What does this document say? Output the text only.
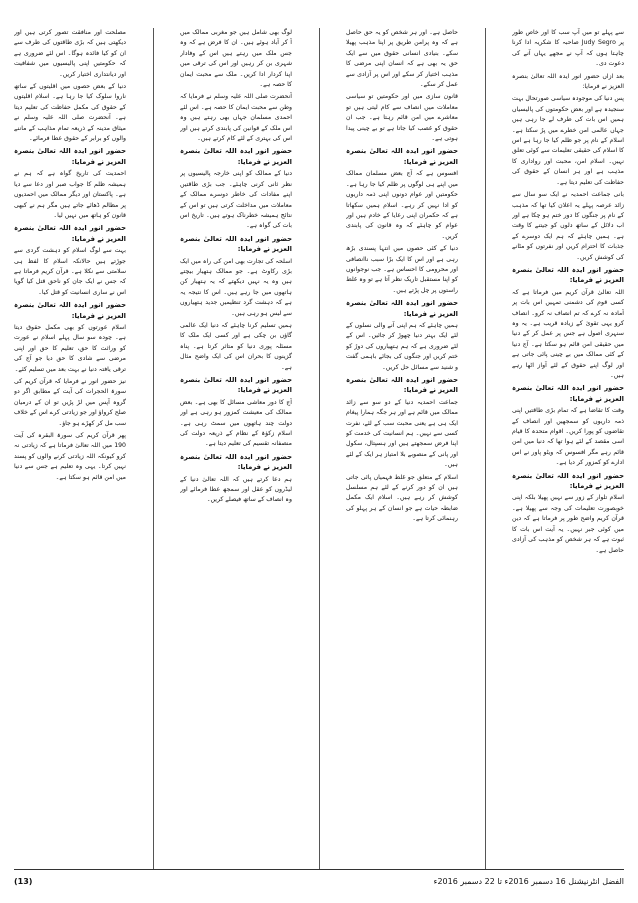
سے پہلے تو میں آپ سب کا اور خاص طور پر Judy Segro صاحبہ کا شکریہ ادا کرنا چاہتا ہوں کہ آپ نے مجھے یہاں آنے کی دعوت دی۔

بعد ازاں حضور انور ایدہ اللہ تعالیٰ بنصرہ العزیز نے فرمایا:

پس دنیا کی موجودہ سیاسی صورتحال بہت سنجیدہ ہے اور بعض حکومتوں کی پالیسیاں ہمیں اس بات کی طرف لے جا رہی ہیں جہاں عالمی امن خطرے میں پڑ سکتا ہے۔ اسلام کے نام پر جو ظلم کیا جا رہا ہے اس کا اسلام کی حقیقی تعلیمات سے کوئی تعلق نہیں۔ اسلام امن، محبت اور رواداری کا مذہب ہے اور ہر انسان کے حقوق کی حفاظت کی تعلیم دیتا ہے۔

بانی جماعت احمدیہ نے ایک سو سال سے زائد عرصہ پہلے یہ اعلان کیا تھا کہ مذہب کے نام پر جنگوں کا دور ختم ہو چکا ہے اور اب دلائل کے ساتھ دلوں کو جیتنے کا وقت ہے۔ ہمیں چاہئے کہ ہم ایک دوسرے کے جذبات کا احترام کریں اور نفرتوں کو مٹانے کی کوشش کریں۔

حضور انور ایدہ اللہ تعالیٰ بنصرہ العزیز نے فرمایا:

اللہ تعالیٰ قرآن کریم میں فرماتا ہے کہ کسی قوم کی دشمنی تمہیں اس بات پر آمادہ نہ کرے کہ تم انصاف نہ کرو۔ انصاف کرو یہی تقویٰ کے زیادہ قریب ہے۔ یہ وہ سنہری اصول ہے جس پر عمل کر کے دنیا میں حقیقی امن قائم ہو سکتا ہے۔ آج دنیا کے کئی ممالک میں بے چینی پائی جاتی ہے اور لوگ اپنے حقوق کے لئے آواز اٹھا رہے ہیں۔

حضور انور ایدہ اللہ تعالیٰ بنصرہ العزیز نے فرمایا:

وقت کا تقاضا ہے کہ تمام بڑی طاقتیں اپنی ذمہ داریوں کو سمجھیں اور انصاف کے تقاضوں کو پورا کریں۔ اقوام متحدہ کا قیام اسی مقصد کے لئے ہوا تھا کہ دنیا میں امن قائم رہے مگر افسوس کہ ویٹو پاور نے اس ادارے کو کمزور کر دیا ہے۔

حضور انور ایدہ اللہ تعالیٰ بنصرہ العزیز نے فرمایا:

اسلام تلوار کے زور سے نہیں پھیلا بلکہ اپنی خوبصورت تعلیمات کی وجہ سے پھیلا ہے۔ قرآن کریم واضح طور پر فرماتا ہے کہ دین میں کوئی جبر نہیں۔ یہ آیت اس بات کا ثبوت ہے کہ ہر شخص کو مذہب کی آزادی حاصل ہے۔

حاصل ہے۔ اور ہر شخص کو یہ حق حاصل ہے کہ وہ پرامن طریق پر اپنا مذہب پھیلا سکے۔ بنیادی انسانی حقوق میں سے ایک حق یہ بھی ہے کہ انسان اپنی مرضی کا مذہب اختیار کر سکے اور اس پر آزادی سے عمل کر سکے۔

قانون سازی میں اور حکومتیں تو سیاسی معاملات میں انصاف سے کام لیتی ہیں تو معاشرے میں امن قائم رہتا ہے۔ جب ان حقوق کو غصب کیا جاتا ہے تو بے چینی پیدا ہوتی ہے۔

حضور انور ایدہ اللہ تعالیٰ بنصرہ العزیز نے فرمایا:

افسوس ہے کہ آج بعض مسلمان ممالک میں اپنے ہی لوگوں پر ظلم کیا جا رہا ہے۔ حکومتیں اور عوام دونوں اپنی ذمہ داریوں کو ادا نہیں کر رہے۔ اسلام ہمیں سکھاتا ہے کہ حکمران اپنی رعایا کے خادم ہیں اور عوام کو چاہئے کہ وہ قانون کی پابندی کریں۔

دنیا کے کئی حصوں میں انتہا پسندی بڑھ رہی ہے اور اس کا ایک بڑا سبب ناانصافی اور محرومی کا احساس ہے۔ جب نوجوانوں کو اپنا مستقبل تاریک نظر آتا ہے تو وہ غلط راستوں پر چل پڑتے ہیں۔

حضور انور ایدہ اللہ تعالیٰ بنصرہ العزیز نے فرمایا:

ہمیں چاہئے کہ ہم اپنی آنے والی نسلوں کے لئے ایک بہتر دنیا چھوڑ کر جائیں۔ اس کے لئے ضروری ہے کہ ہم ہتھیاروں کی دوڑ کو ختم کریں اور جنگوں کی بجائے باہمی گفت و شنید سے مسائل حل کریں۔

حضور انور ایدہ اللہ تعالیٰ بنصرہ العزیز نے فرمایا:

جماعت احمدیہ دنیا کے دو سو سے زائد ممالک میں قائم ہے اور ہر جگہ ہمارا پیغام ایک ہی ہے یعنی محبت سب کے لئے، نفرت کسی سے نہیں۔ ہم انسانیت کی خدمت کو اپنا فرض سمجھتے ہیں اور ہسپتال، سکول اور پانی کے منصوبے بلا امتیاز ہر ایک کے لئے ہیں۔

اسلام کے متعلق جو غلط فہمیاں پائی جاتی ہیں ان کو دور کرنے کے لئے ہم مسلسل کوشش کر رہے ہیں۔ اسلام ایک مکمل ضابطہ حیات ہے جو انسان کے ہر پہلو کی رہنمائی کرتا ہے۔

لوگ بھی شامل ہیں جو مغربی ممالک میں آ کر آباد ہوئے ہیں۔ ان کا فرض ہے کہ وہ جس ملک میں رہتے ہیں اس کے وفادار شہری بن کر رہیں اور اس کی ترقی میں اپنا کردار ادا کریں۔ ملک سے محبت ایمان کا حصہ ہے۔

آنحضرت صلی اللہ علیہ وسلم نے فرمایا کہ وطن سے محبت ایمان کا حصہ ہے۔ اس لئے احمدی مسلمان جہاں بھی رہتے ہیں وہ اس ملک کے قوانین کی پابندی کرتے ہیں اور اس کی بہتری کے لئے کام کرتے ہیں۔

حضور انور ایدہ اللہ تعالیٰ بنصرہ العزیز نے فرمایا:

دنیا کے ممالک کو اپنی خارجہ پالیسیوں پر نظر ثانی کرنی چاہئے۔ جب بڑی طاقتیں اپنے مفادات کی خاطر دوسرے ممالک کے معاملات میں مداخلت کرتی ہیں تو اس کے نتائج ہمیشہ خطرناک ہوتے ہیں۔ تاریخ اس بات کی گواہ ہے۔

حضور انور ایدہ اللہ تعالیٰ بنصرہ العزیز نے فرمایا:

اسلحہ کی تجارت بھی امن کی راہ میں ایک بڑی رکاوٹ ہے۔ جو ممالک ہتھیار بیچتے ہیں وہ یہ نہیں دیکھتے کہ یہ ہتھیار کن ہاتھوں میں جا رہے ہیں۔ اس کا نتیجہ یہ ہے کہ دہشت گرد تنظیمیں جدید ہتھیاروں سے لیس ہو رہی ہیں۔

ہمیں تسلیم کرنا چاہئے کہ دنیا ایک عالمی گاؤں بن چکی ہے اور کسی ایک ملک کا مسئلہ پوری دنیا کو متاثر کرتا ہے۔ پناہ گزینوں کا بحران اس کی ایک واضح مثال ہے۔

حضور انور ایدہ اللہ تعالیٰ بنصرہ العزیز نے فرمایا:

آج کا دور معاشی مسائل کا بھی ہے۔ بعض ممالک کی معیشت کمزور ہو رہی ہے اور دولت چند ہاتھوں میں سمٹ رہی ہے۔ اسلام زکوٰۃ کے نظام کے ذریعہ دولت کی منصفانہ تقسیم کی تعلیم دیتا ہے۔

حضور انور ایدہ اللہ تعالیٰ بنصرہ العزیز نے فرمایا:

ہم دعا کرتے ہیں کہ اللہ تعالیٰ دنیا کے لیڈروں کو عقل اور سمجھ عطا فرمائے اور وہ انصاف کے ساتھ فیصلے کریں۔

مصلحت اور منافقت تصور کرتی ہیں اور دیکھتی ہیں کہ بڑی طاقتوں کی طرف سے ان کو کیا فائدہ ہوگا۔ اس لئے ضروری ہے کہ حکومتیں اپنی پالیسیوں میں شفافیت اور دیانتداری اختیار کریں۔

دنیا کے بعض حصوں میں اقلیتوں کے ساتھ ناروا سلوک کیا جا رہا ہے۔ اسلام اقلیتوں کے حقوق کی مکمل حفاظت کی تعلیم دیتا ہے۔ آنحضرت صلی اللہ علیہ وسلم نے میثاق مدینہ کے ذریعہ تمام مذاہب کے ماننے والوں کو برابر کے حقوق عطا فرمائے۔

حضور انور ایدہ اللہ تعالیٰ بنصرہ العزیز نے فرمایا:

احمدیت کی تاریخ گواہ ہے کہ ہم نے ہمیشہ ظلم کا جواب صبر اور دعا سے دیا ہے۔ پاکستان اور دیگر ممالک میں احمدیوں پر مظالم ڈھائے جاتے ہیں مگر ہم نے کبھی قانون کو ہاتھ میں نہیں لیا۔

حضور انور ایدہ اللہ تعالیٰ بنصرہ العزیز نے فرمایا:

بہت سے لوگ اسلام کو دہشت گردی سے جوڑتے ہیں حالانکہ اسلام کا لفظ ہی سلامتی سے نکلا ہے۔ قرآن کریم فرماتا ہے کہ جس نے ایک جان کو ناحق قتل کیا گویا اس نے ساری انسانیت کو قتل کیا۔

حضور انور ایدہ اللہ تعالیٰ بنصرہ العزیز نے فرمایا:

اسلام عورتوں کو بھی مکمل حقوق دیتا ہے۔ چودہ سو سال پہلے اسلام نے عورت کو وراثت کا حق، تعلیم کا حق اور اپنی مرضی سے شادی کا حق دیا جو آج کی ترقی یافتہ دنیا نے بہت بعد میں تسلیم کئے۔

نیز حضور انور نے فرمایا کہ قرآن کریم کی سورۃ الحجرات کی آیت کے مطابق اگر دو گروہ آپس میں لڑ پڑیں تو ان کے درمیان صلح کرواؤ اور جو زیادتی کرے اس کے خلاف سب مل کر کھڑے ہو جاؤ۔

پھر قرآن کریم کی سورۃ البقرہ کی آیت 190 میں اللہ تعالیٰ فرماتا ہے کہ زیادتی نہ کرو کیونکہ اللہ زیادتی کرنے والوں کو پسند نہیں کرتا۔ یہی وہ تعلیم ہے جس سے دنیا میں امن قائم ہو سکتا ہے۔

(13)	الفضل انٹرنیشنل 16 دسمبر 2016ء تا 22 دسمبر 2016ء
